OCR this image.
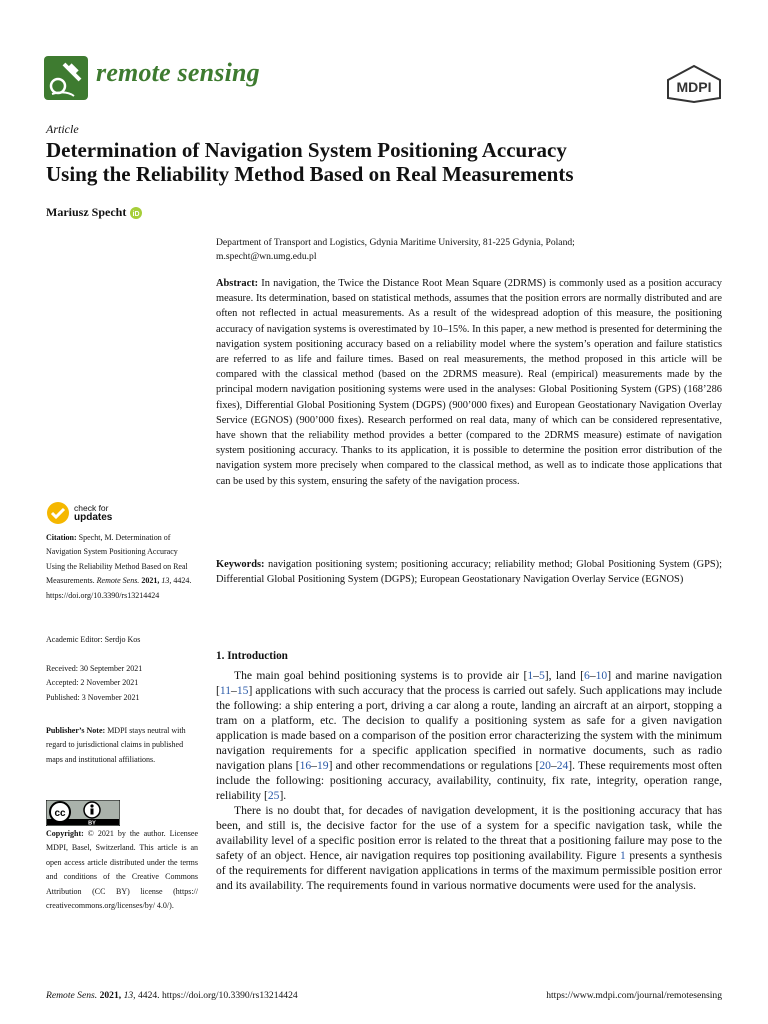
remote sensing	MDPI
Article
Determination of Navigation System Positioning Accuracy
Using the Reliability Method Based on Real Measurements
Mariusz Specht iD
Department of Transport and Logistics, Gdynia Maritime University, 81-225 Gdynia, Poland;
m.specht@wn.umg.edu.pl
Abstract: In navigation, the Twice the Distance Root Mean Square (2DRMS) is commonly used as a position accuracy measure. Its determination, based on statistical methods, assumes that the position errors are normally distributed and are often not reflected in actual measurements. As a result of the widespread adoption of this measure, the positioning accuracy of navigation systems is overestimated by 10–15%. In this paper, a new method is presented for determining the navigation system positioning accuracy based on a reliability model where the system’s operation and failure statistics are referred to as life and failure times. Based on real measurements, the method proposed in this article will be compared with the classical method (based on the 2DRMS measure). Real (empirical) measurements made by the principal modern navigation positioning systems were used in the analyses: Global Positioning System (GPS) (168’286 fixes), Differential Global Positioning System (DGPS) (900’000 fixes) and European Geostationary Navigation Overlay Service (EGNOS) (900’000 fixes). Research performed on real data, many of which can be considered representative, have shown that the reliability method provides a better (compared to the 2DRMS measure) estimate of navigation system positioning accuracy. Thanks to its application, it is possible to determine the position error distribution of the navigation system more precisely when compared to the classical method, as well as to indicate those applications that can be used by this system, ensuring the safety of the navigation process.
Keywords: navigation positioning system; positioning accuracy; reliability method; Global Positioning System (GPS); Differential Global Positioning System (DGPS); European Geostationary Navigation Overlay Service (EGNOS)
check for
updates
Citation: Specht, M. Determination of Navigation System Positioning Accuracy Using the Reliability Method Based on Real Measurements. Remote Sens. 2021, 13, 4424. https://doi.org/10.3390/rs13214424
Academic Editor: Serdjo Kos
Received: 30 September 2021
Accepted: 2 November 2021
Published: 3 November 2021
Publisher’s Note: MDPI stays neutral with regard to jurisdictional claims in published maps and institutional affiliations.
cc
BY
Copyright: © 2021 by the author. Licensee MDPI, Basel, Switzerland. This article is an open access article distributed under the terms and conditions of the Creative Commons Attribution (CC BY) license (https:// creativecommons.org/licenses/by/ 4.0/).
1. Introduction

The main goal behind positioning systems is to provide air [1–5], land [6–10] and marine navigation [11–15] applications with such accuracy that the process is carried out safely. Such applications may include the following: a ship entering a port, driving a car along a route, landing an aircraft at an airport, stopping a tram on a platform, etc. The decision to qualify a positioning system as safe for a given navigation application is made based on a comparison of the position error characterizing the system with the minimum navigation requirements for a specific application specified in normative documents, such as radio navigation plans [16–19] and other recommendations or regulations [20–24]. These requirements most often include the following: positioning accuracy, availability, continuity, fix rate, integrity, operation range, reliability [25].

There is no doubt that, for decades of navigation development, it is the positioning accuracy that has been, and still is, the decisive factor for the use of a system for a specific navigation task, while the availability level of a specific position error is related to the threat that a positioning failure may pose to the safety of an object. Hence, air navigation requires top positioning availability. Figure 1 presents a synthesis of the requirements for different navigation applications in terms of the maximum permissible position error and its availability. The requirements found in various normative documents were used for the analysis.

Remote Sens. 2021, 13, 4424. https://doi.org/10.3390/rs13214424	https://www.mdpi.com/journal/remotesensing
